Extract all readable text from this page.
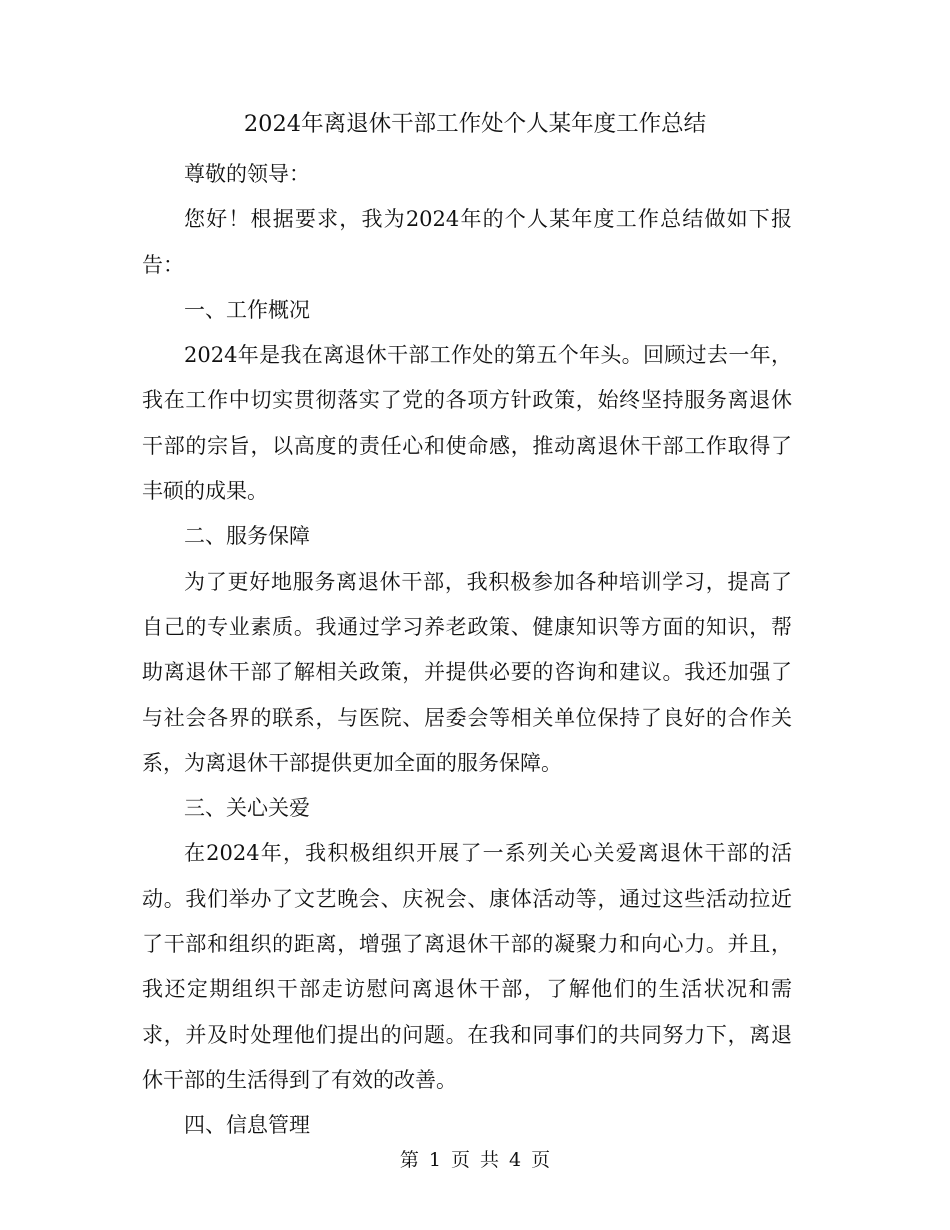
2024年离退休干部工作处个人某年度工作总结

尊敬的领导：

您好！根据要求，我为2024年的个人某年度工作总结做如下报告：

一、工作概况

2024年是我在离退休干部工作处的第五个年头。回顾过去一年，我在工作中切实贯彻落实了党的各项方针政策，始终坚持服务离退休干部的宗旨，以高度的责任心和使命感，推动离退休干部工作取得了丰硕的成果。

二、服务保障

为了更好地服务离退休干部，我积极参加各种培训学习，提高了自己的专业素质。我通过学习养老政策、健康知识等方面的知识，帮助离退休干部了解相关政策，并提供必要的咨询和建议。我还加强了与社会各界的联系，与医院、居委会等相关单位保持了良好的合作关系，为离退休干部提供更加全面的服务保障。

三、关心关爱

在2024年，我积极组织开展了一系列关心关爱离退休干部的活动。我们举办了文艺晚会、庆祝会、康体活动等，通过这些活动拉近了干部和组织的距离，增强了离退休干部的凝聚力和向心力。并且，我还定期组织干部走访慰问离退休干部，了解他们的生活状况和需求，并及时处理他们提出的问题。在我和同事们的共同努力下，离退休干部的生活得到了有效的改善。

四、信息管理

第 1 页 共 4 页
